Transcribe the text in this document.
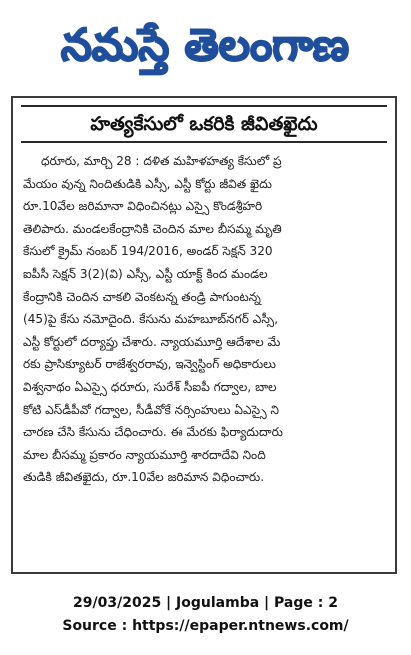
నమస్తే తెలంగాణ
హత్యకేసులో ఒకరికి జీవితఖైదు
ధరూరు, మార్చి 28 : దళిత మహిళహత్య కేసులో ప్ర
మేయం వున్న నిందితుడికి ఎస్సీ, ఎస్టీ కోర్టు జీవిత ఖైదు
రూ.10వేల జరిమానా విధించినట్లు ఎస్సై కొండశ్రీహరి
తెలిపారు. మండలకేంద్రానికి చెందిన మాల బీసమ్మ మృతి
కేసులో క్రైమ్ నంబర్ 194/2016, అండర్ సెక్షన్ 320
ఐపీసీ సెక్షన్ 3(2)(వి) ఎస్సీ, ఎస్టీ యాక్ట్ కింద మండల
కేంద్రానికి చెందిన చాకలి వెంకటన్న తండ్రి పాగుంటన్న
(45)పై కేసు నమోదైంది. కేసును మహబూబ్‌నగర్ ఎస్సీ,
ఎస్టీ కోర్టులో దర్యాప్తు చేశారు. న్యాయమూర్తి ఆదేశాల మే
రకు ప్రాసిక్యూటర్ రాజేశ్వరరావు, ఇన్వెస్టింగ్ అధికారులు
విశ్వనాథం ఏఎస్సై ధరూరు, సురేశ్ సీఐపీ గద్వాల, బాల
కోటి ఎస్‌డీపీవో గద్వాల, సీడీవోకే నర్సింహులు ఏఎస్సై ని
చారణ చేసి కేసును చేధించారు. ఈ మేరకు ఫిర్యాదుదారు
మాల బీసమ్మ ప్రకారం న్యాయమూర్తి శారదాదేవి నింది
తుడికి జీవితఖైదు, రూ.10వేల జరిమాన విధించారు.
29/03/2025 | Jogulamba | Page : 2
Source : https://epaper.ntnews.com/
